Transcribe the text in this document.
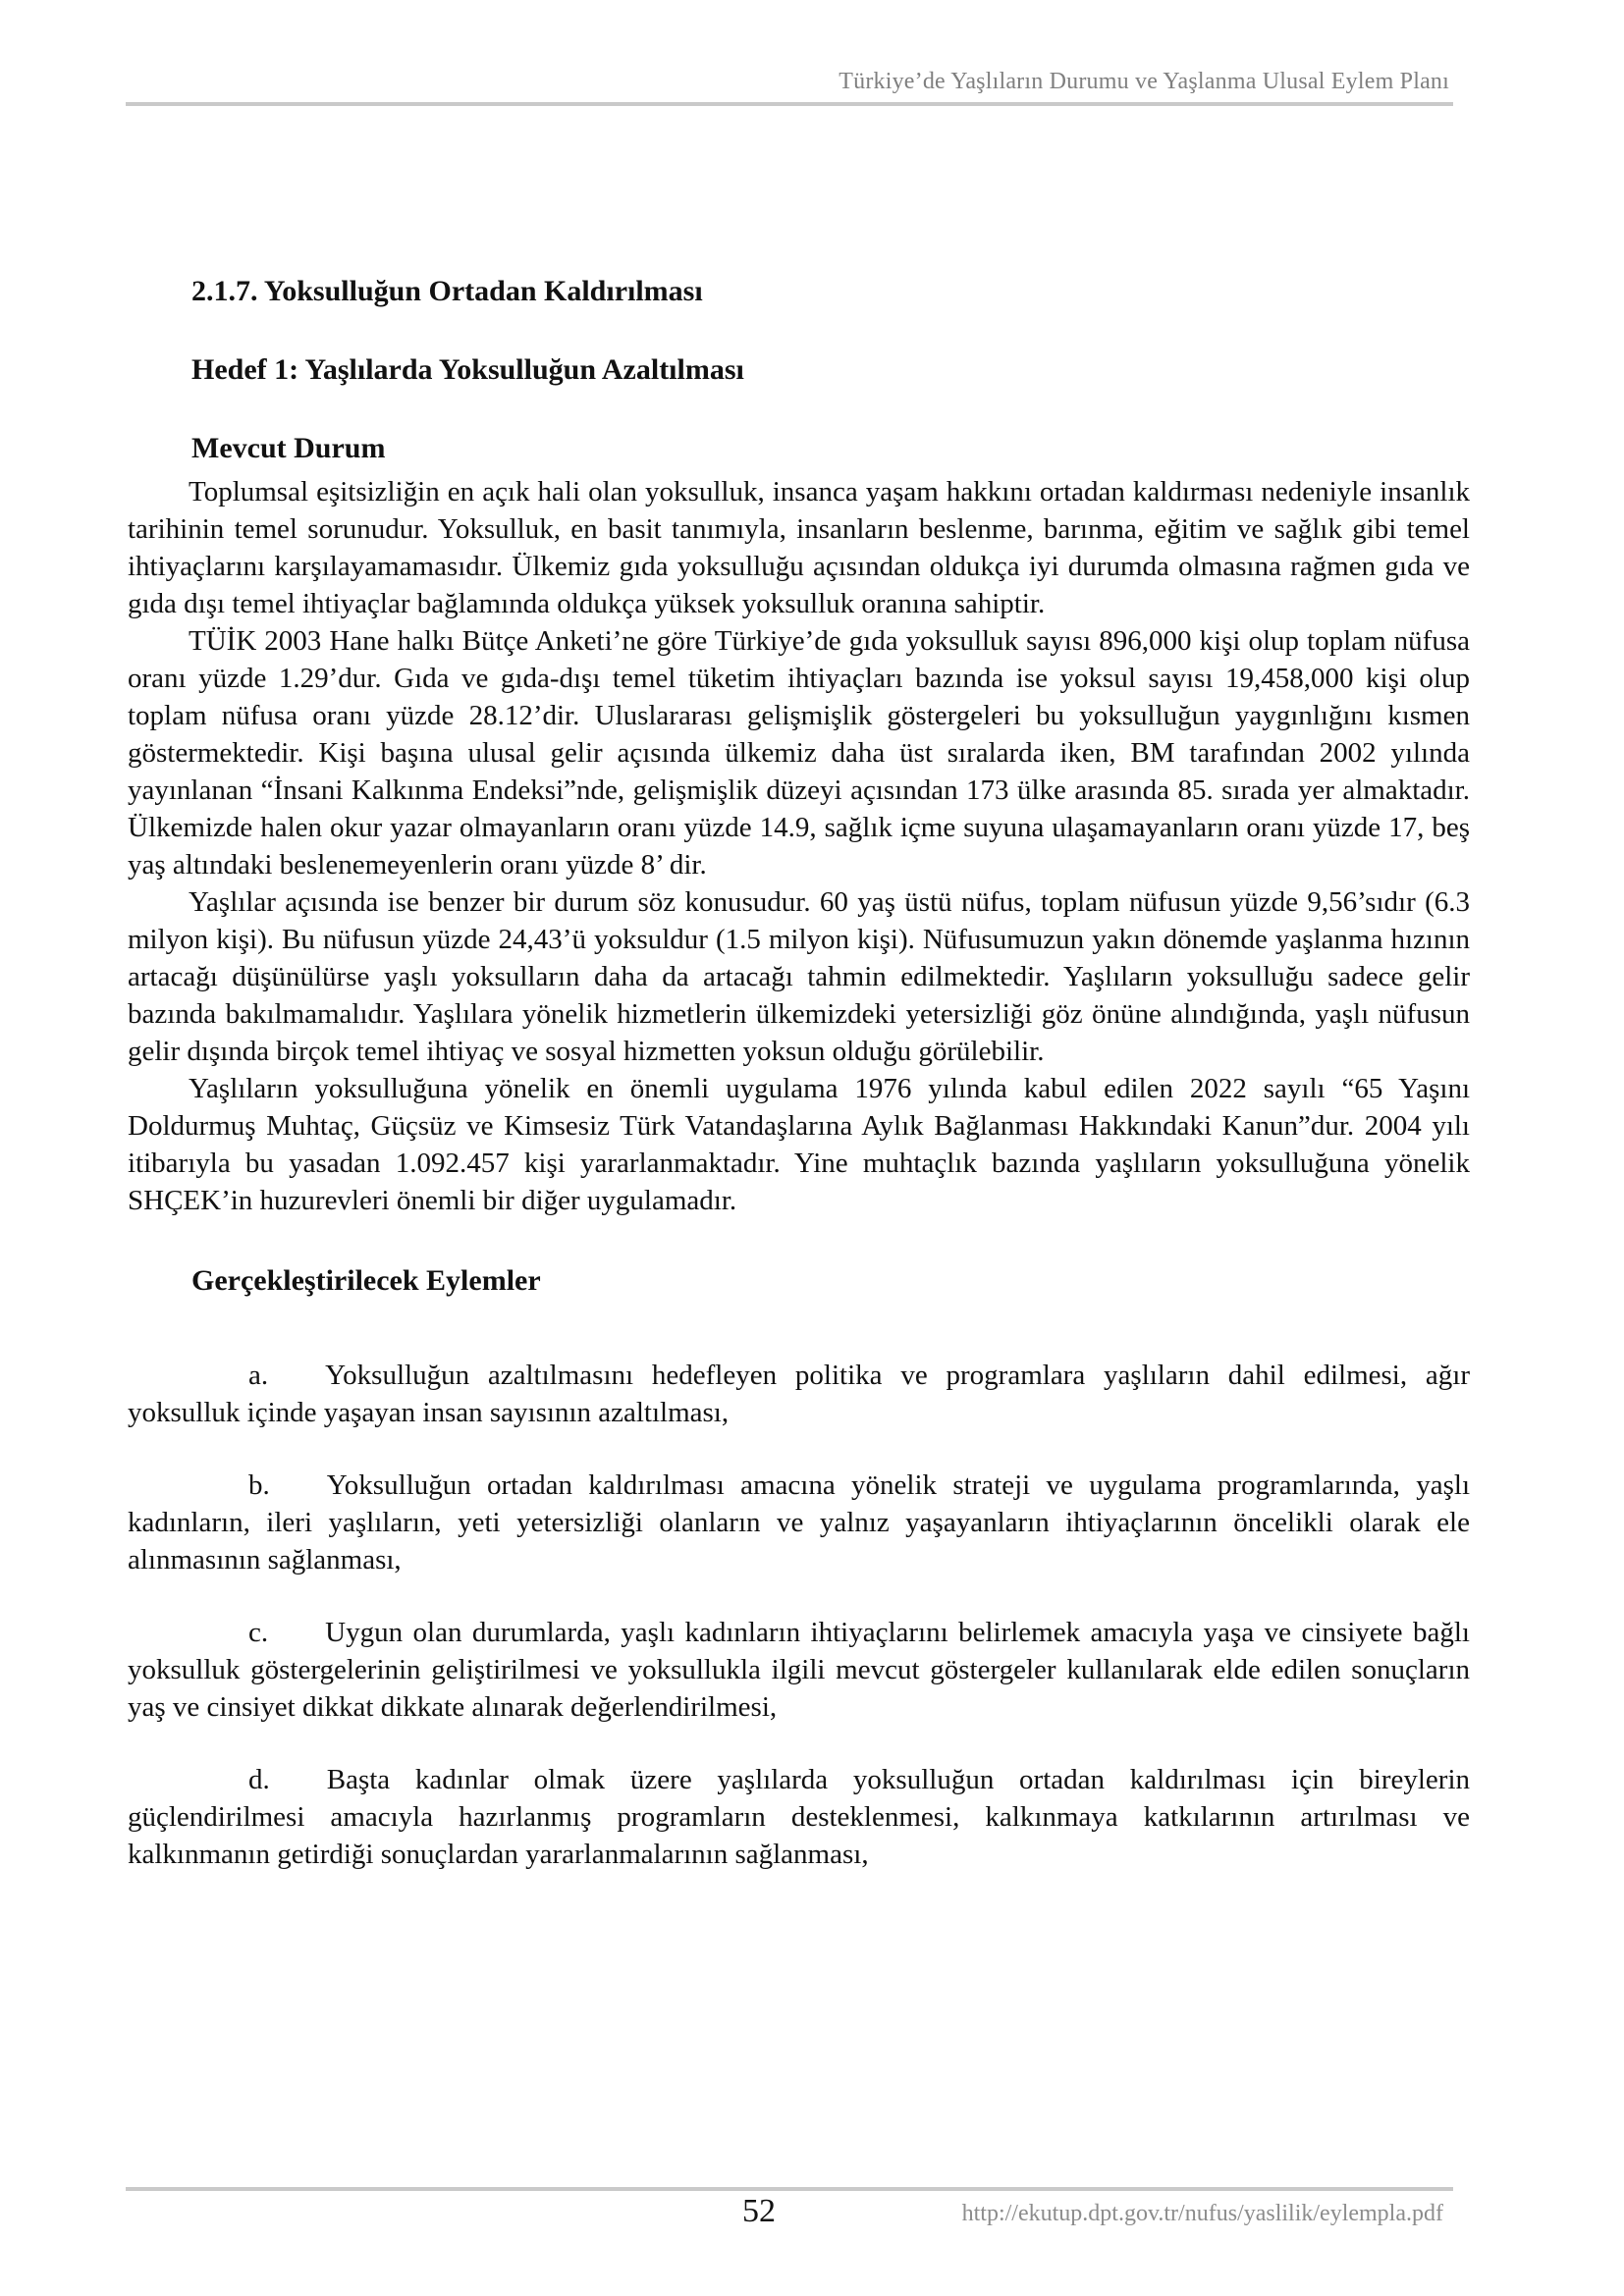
Türkiye’de Yaşlıların Durumu ve Yaşlanma Ulusal Eylem Planı
2.1.7. Yoksulluğun Ortadan Kaldırılması
Hedef 1: Yaşlılarda Yoksulluğun Azaltılması
Mevcut Durum

Toplumsal eşitsizliğin en açık hali olan yoksulluk, insanca yaşam hakkını ortadan kaldırması nedeniyle insanlık tarihinin temel sorunudur. Yoksulluk, en basit tanımıyla, insanların beslenme, barınma, eğitim ve sağlık gibi temel ihtiyaçlarını karşılayamamasıdır. Ülkemiz gıda yoksulluğu açısından oldukça iyi durumda olmasına rağmen gıda ve gıda dışı temel ihtiyaçlar bağlamında oldukça yüksek yoksulluk oranına sahiptir.

TÜİK 2003 Hane halkı Bütçe Anketi’ne göre Türkiye’de gıda yoksulluk sayısı 896,000 kişi olup toplam nüfusa oranı yüzde 1.29’dur. Gıda ve gıda-dışı temel tüketim ihtiyaçları bazında ise yoksul sayısı 19,458,000 kişi olup toplam nüfusa oranı yüzde 28.12’dir. Uluslararası gelişmişlik göstergeleri bu yoksulluğun yaygınlığını kısmen göstermektedir. Kişi başına ulusal gelir açısında ülkemiz daha üst sıralarda iken, BM tarafından 2002 yılında yayınlanan “İnsani Kalkınma Endeksi”nde, gelişmişlik düzeyi açısından 173 ülke arasında 85. sırada yer almaktadır. Ülkemizde halen okur yazar olmayanların oranı yüzde 14.9, sağlık içme suyuna ulaşamayanların oranı yüzde 17, beş yaş altındaki beslenemeyenlerin oranı yüzde 8’ dir.

Yaşlılar açısında ise benzer bir durum söz konusudur. 60 yaş üstü nüfus, toplam nüfusun yüzde 9,56’sıdır (6.3 milyon kişi). Bu nüfusun yüzde 24,43’ü yoksuldur (1.5 milyon kişi). Nüfusumuzun yakın dönemde yaşlanma hızının artacağı düşünülürse yaşlı yoksulların daha da artacağı tahmin edilmektedir. Yaşlıların yoksulluğu sadece gelir bazında bakılmamalıdır. Yaşlılara yönelik hizmetlerin ülkemizdeki yetersizliği göz önüne alındığında, yaşlı nüfusun gelir dışında birçok temel ihtiyaç ve sosyal hizmetten yoksun olduğu görülebilir.

Yaşlıların yoksulluğuna yönelik en önemli uygulama 1976 yılında kabul edilen 2022 sayılı “65 Yaşını Doldurmuş Muhtaç, Güçsüz ve Kimsesiz Türk Vatandaşlarına Aylık Bağlanması Hakkındaki Kanun”dur. 2004 yılı itibarıyla bu yasadan 1.092.457 kişi yararlanmaktadır. Yine muhtaçlık bazında yaşlıların yoksulluğuna yönelik SHÇEK’in huzurevleri önemli bir diğer uygulamadır.

Gerçekleştirilecek Eylemler

a. Yoksulluğun azaltılmasını hedefleyen politika ve programlara yaşlıların dahil edilmesi, ağır yoksulluk içinde yaşayan insan sayısının azaltılması,

b. Yoksulluğun ortadan kaldırılması amacına yönelik strateji ve uygulama programlarında, yaşlı kadınların, ileri yaşlıların, yeti yetersizliği olanların ve yalnız yaşayanların ihtiyaçlarının öncelikli olarak ele alınmasının sağlanması,

c. Uygun olan durumlarda, yaşlı kadınların ihtiyaçlarını belirlemek amacıyla yaşa ve cinsiyete bağlı yoksulluk göstergelerinin geliştirilmesi ve yoksullukla ilgili mevcut göstergeler kullanılarak elde edilen sonuçların yaş ve cinsiyet dikkat dikkate alınarak değerlendirilmesi,

d. Başta kadınlar olmak üzere yaşlılarda yoksulluğun ortadan kaldırılması için bireylerin güçlendirilmesi amacıyla hazırlanmış programların desteklenmesi, kalkınmaya katkılarının artırılması ve kalkınmanın getirdiği sonuçlardan yararlanmalarının sağlanması,

52	http://ekutup.dpt.gov.tr/nufus/yaslilik/eylempla.pdf
